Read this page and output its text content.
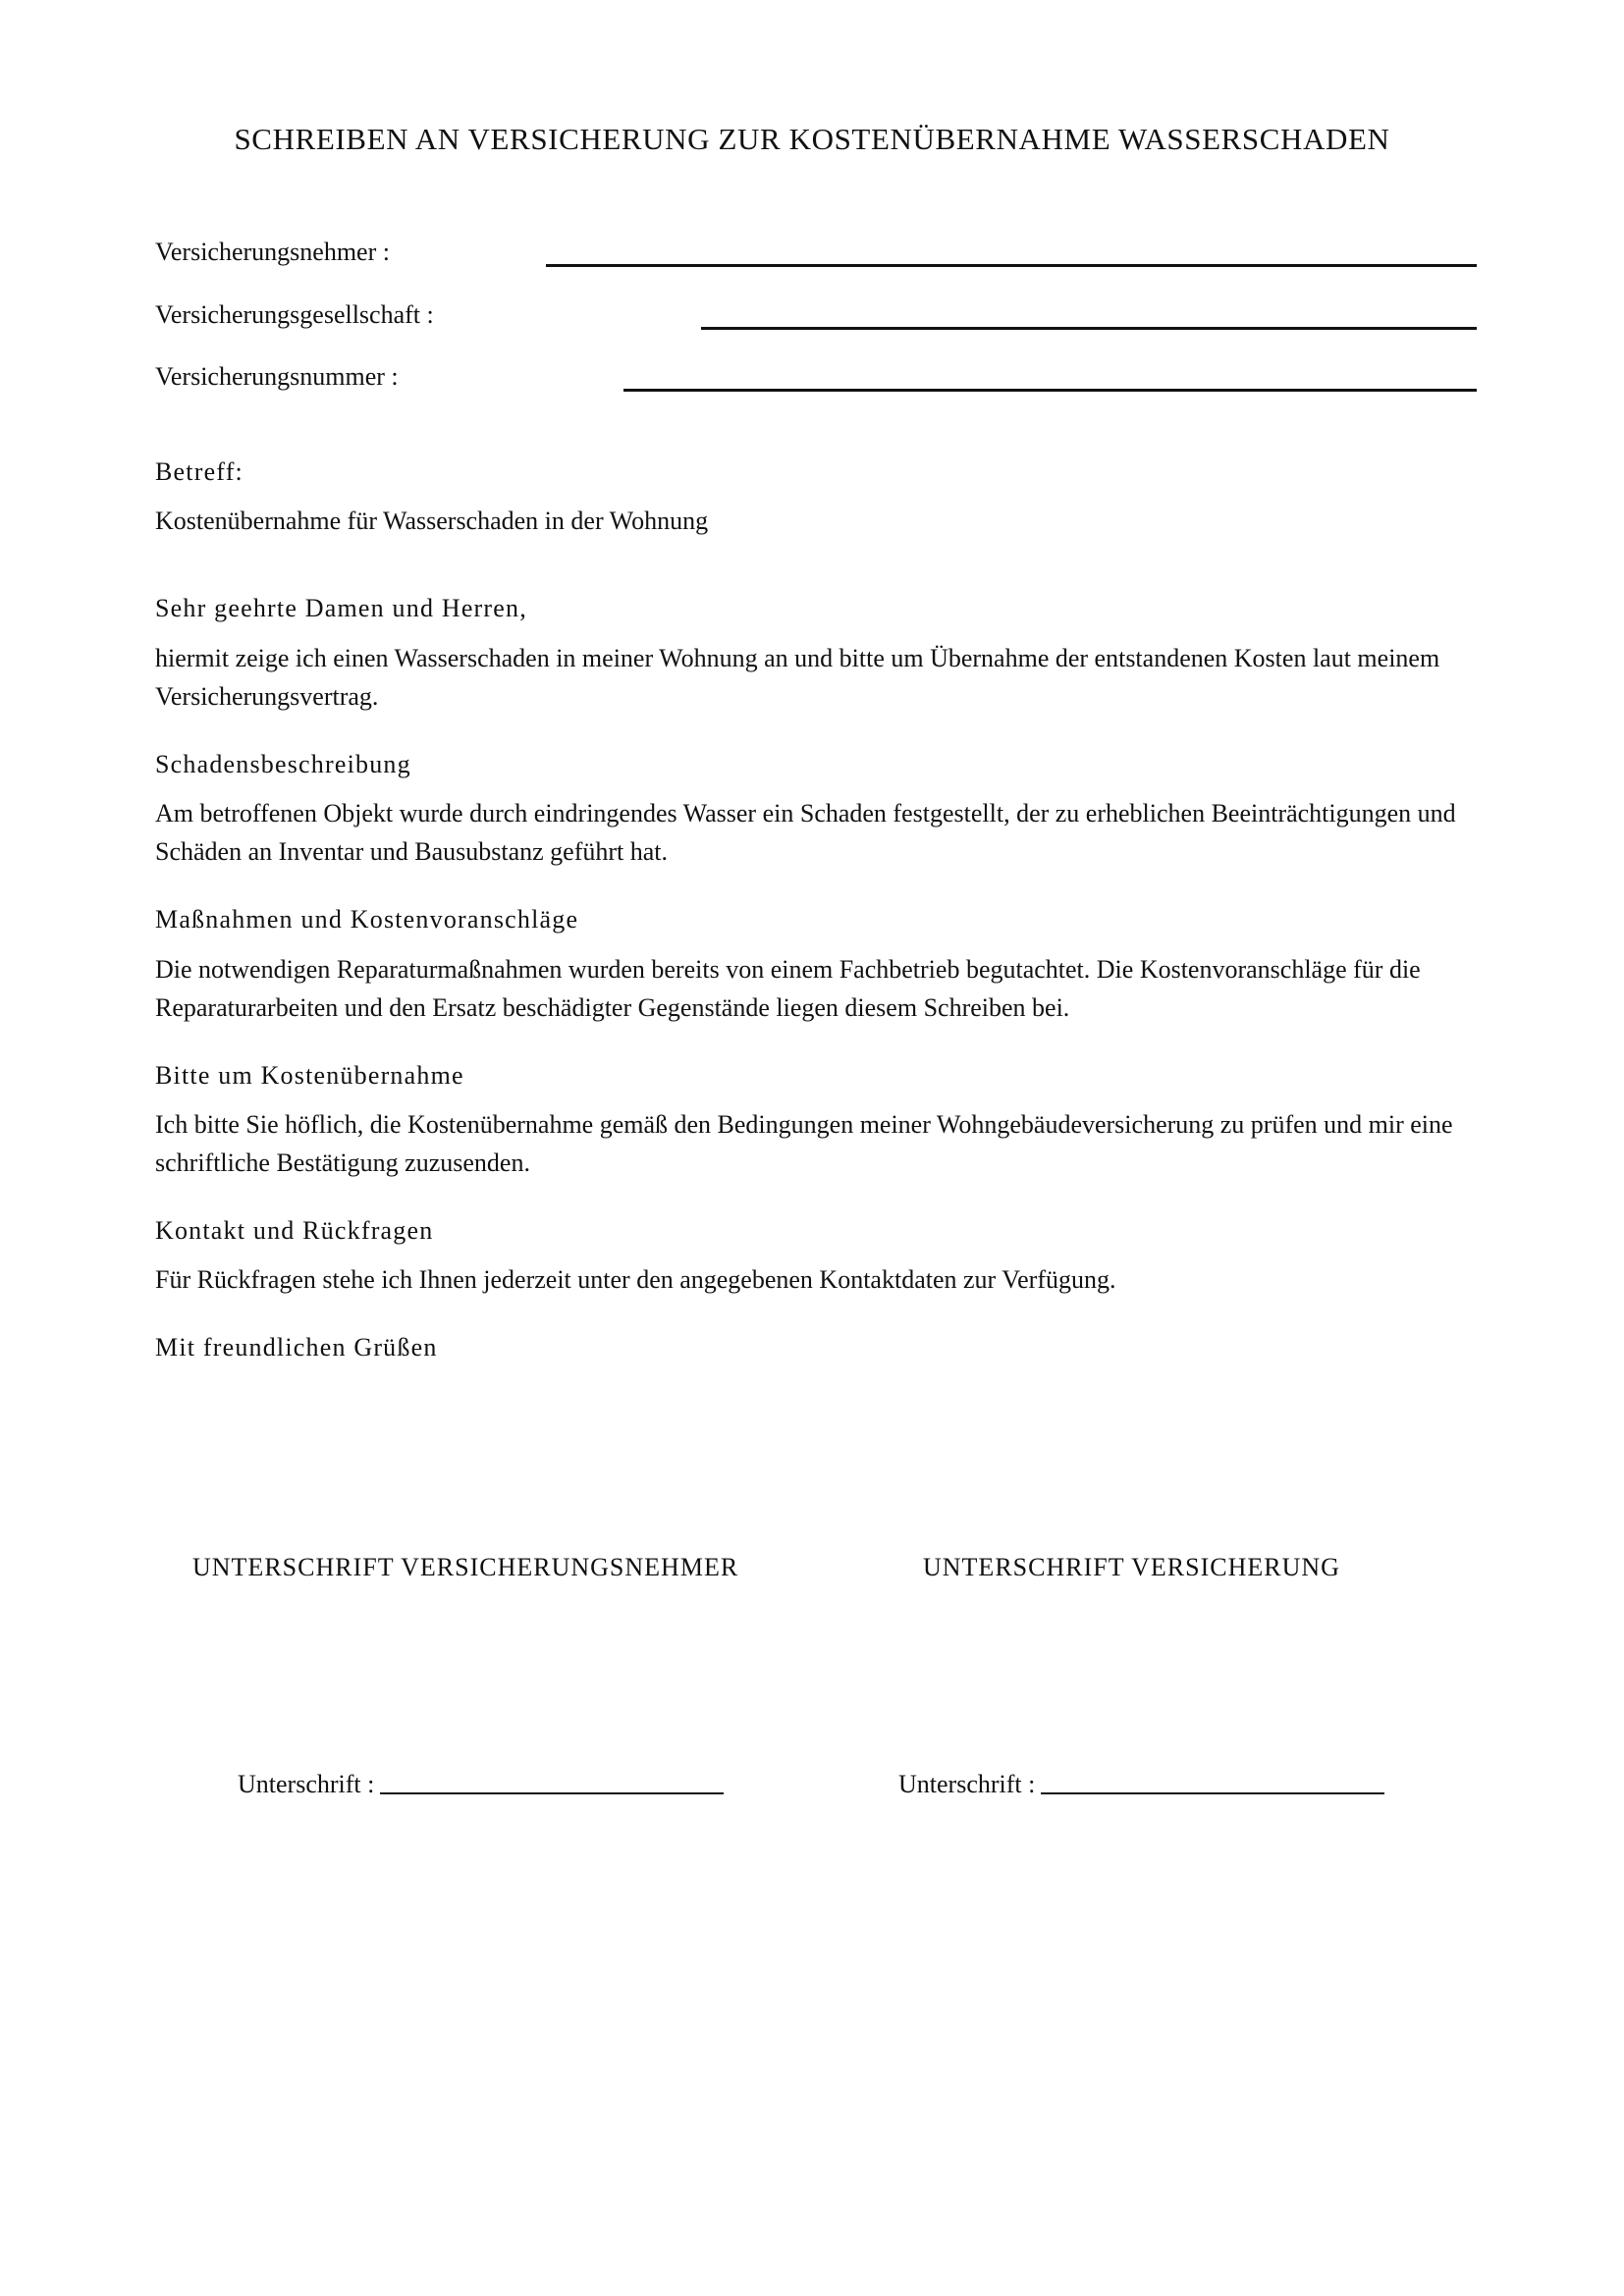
SCHREIBEN AN VERSICHERUNG ZUR KOSTENÜBERNAHME WASSERSCHADEN
Versicherungsnehmer :
Versicherungsgesellschaft :
Versicherungsnummer :
Betreff:

Kostenübernahme für Wasserschaden in der Wohnung

Sehr geehrte Damen und Herren,

hiermit zeige ich einen Wasserschaden in meiner Wohnung an und bitte um Übernahme der entstandenen Kosten laut meinem Versicherungsvertrag.

Schadensbeschreibung

Am betroffenen Objekt wurde durch eindringendes Wasser ein Schaden festgestellt, der zu erheblichen Beeinträchtigungen und Schäden an Inventar und Bausubstanz geführt hat.

Maßnahmen und Kostenvoranschläge

Die notwendigen Reparaturmaßnahmen wurden bereits von einem Fachbetrieb begutachtet. Die Kostenvoranschläge für die Reparaturarbeiten und den Ersatz beschädigter Gegenstände liegen diesem Schreiben bei.

Bitte um Kostenübernahme

Ich bitte Sie höflich, die Kostenübernahme gemäß den Bedingungen meiner Wohngebäudeversicherung zu prüfen und mir eine schriftliche Bestätigung zuzusenden.

Kontakt und Rückfragen

Für Rückfragen stehe ich Ihnen jederzeit unter den angegebenen Kontaktdaten zur Verfügung.

Mit freundlichen Grüßen
UNTERSCHRIFT VERSICHERUNGSNEHMER	UNTERSCHRIFT VERSICHERUNG
Unterschrift :	Unterschrift :
